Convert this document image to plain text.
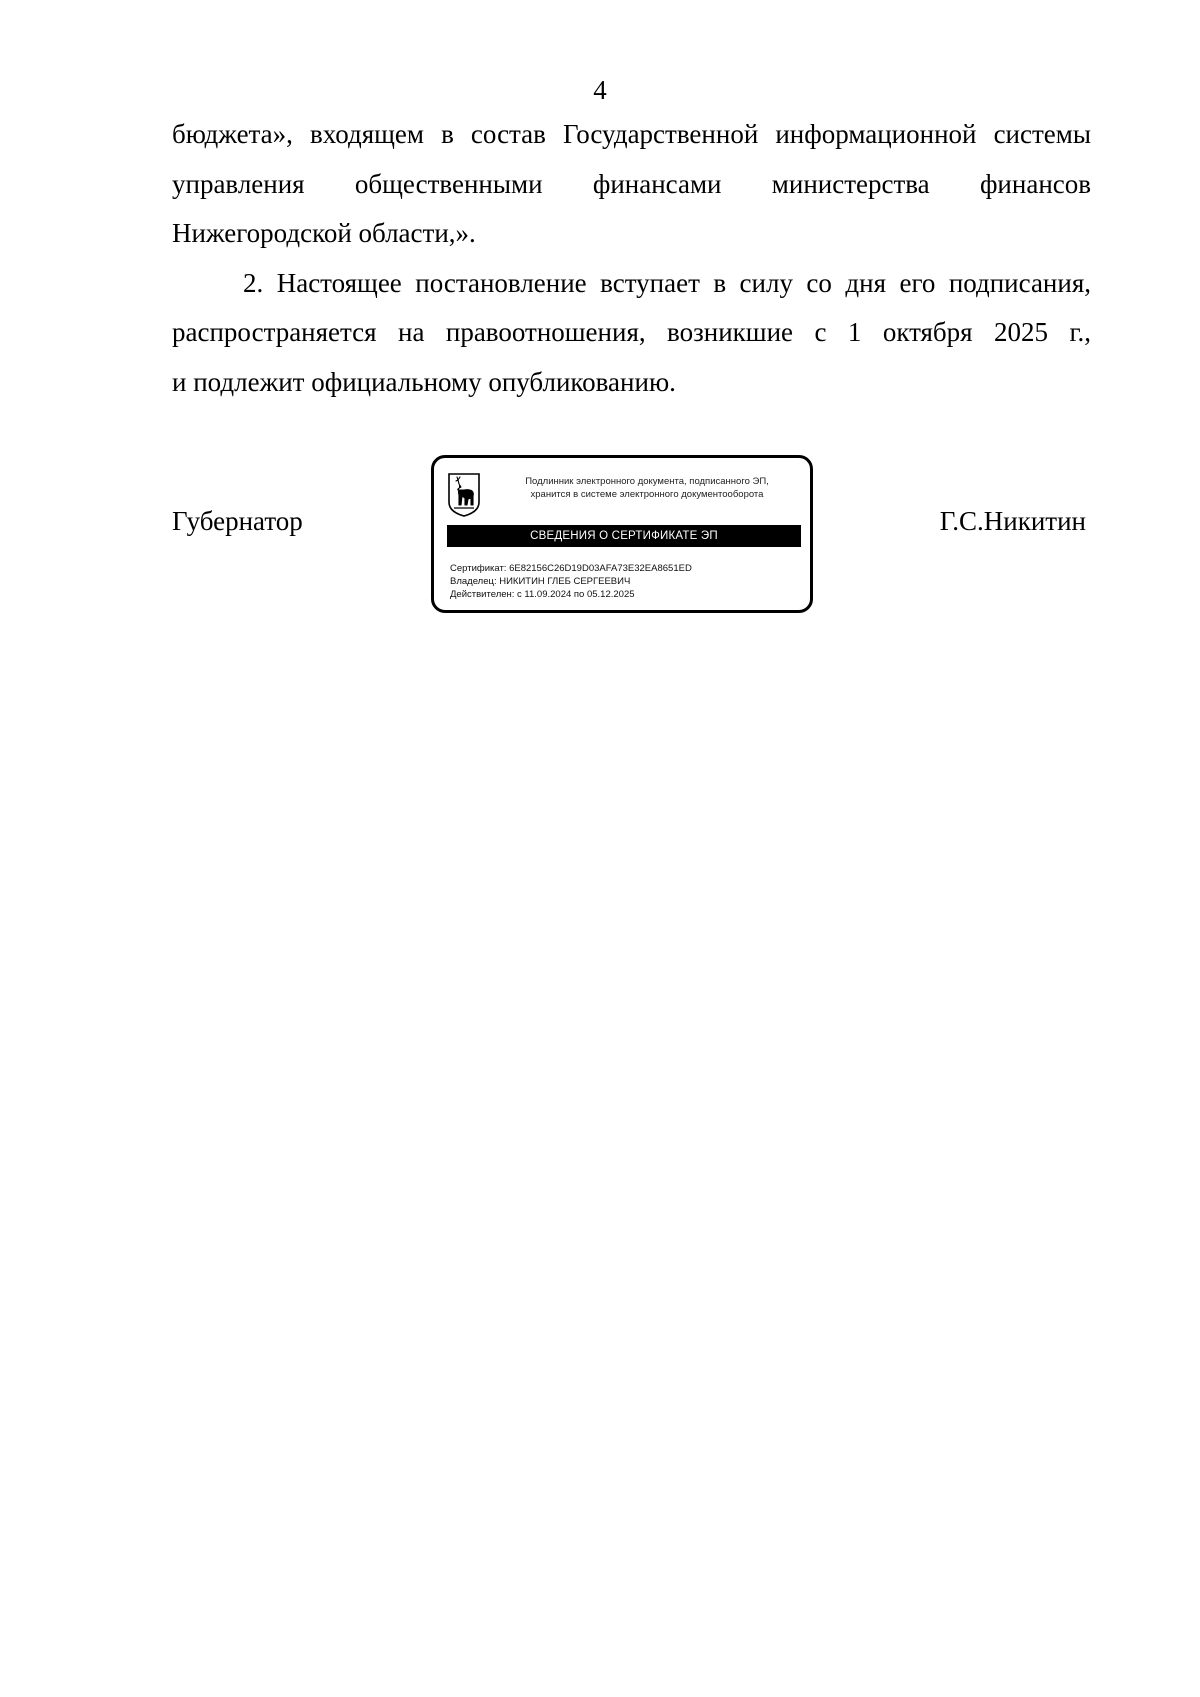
4

бюджета», входящем в состав Государственной информационной системы
управления общественными финансами министерства финансов
Нижегородской области,».

2. Настоящее постановление вступает в силу со дня его подписания,
распространяется на правоотношения, возникшие с 1 октября 2025 г.,
и подлежит официальному опубликованию.

Губернатор
Подлинник электронного документа, подписанного ЭП,
хранится в системе электронного документооборота
СВЕДЕНИЯ О СЕРТИФИКАТЕ ЭП
Сертификат: 6E82156C26D19D03AFA73E32EA8651ED
Владелец: НИКИТИН ГЛЕБ СЕРГЕЕВИЧ
Действителен: с 11.09.2024 по 05.12.2025
Г.С.Никитин
